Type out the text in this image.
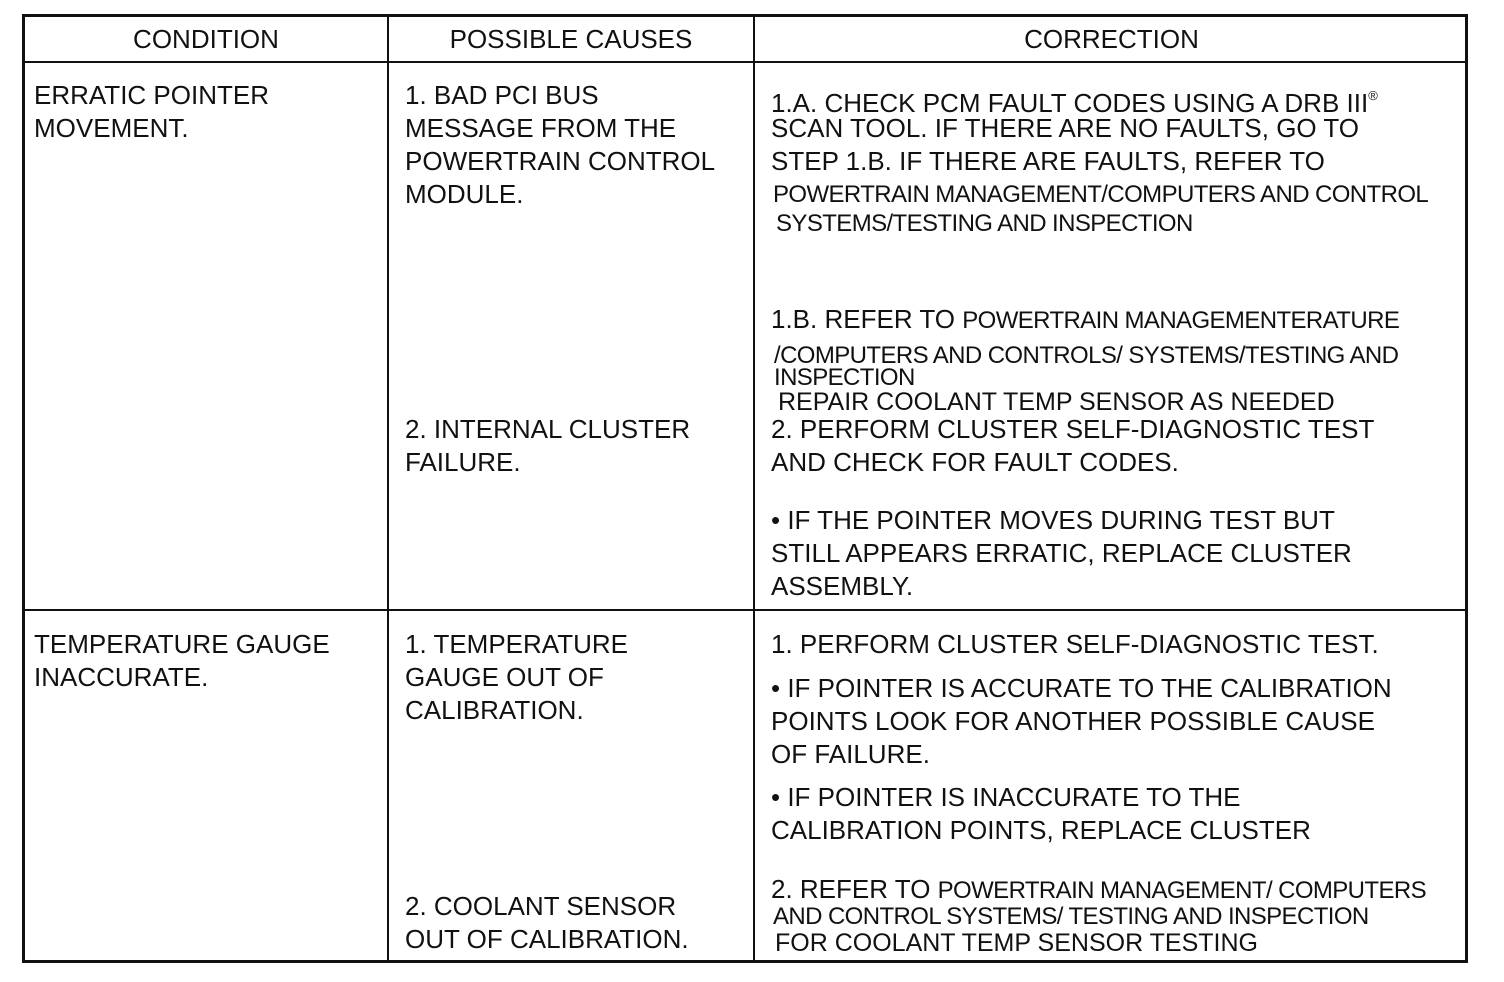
CONDITION	POSSIBLE CAUSES	CORRECTION
ERRATIC POINTER
MOVEMENT.
1. BAD PCI BUS
MESSAGE FROM THE
POWERTRAIN CONTROL
MODULE.
2. INTERNAL CLUSTER
FAILURE.
1.A. CHECK PCM FAULT CODES USING A DRB III®
SCAN TOOL. IF THERE ARE NO FAULTS, GO TO
STEP 1.B. IF THERE ARE FAULTS, REFER TO
POWERTRAIN MANAGEMENT/COMPUTERS AND CONTROL
SYSTEMS/TESTING AND INSPECTION
1.B. REFER TO POWERTRAIN MANAGEMENTERATURE
/COMPUTERS AND CONTROLS/ SYSTEMS/TESTING AND
INSPECTION
REPAIR COOLANT TEMP SENSOR AS NEEDED
2. PERFORM CLUSTER SELF-DIAGNOSTIC TEST
AND CHECK FOR FAULT CODES.
• IF THE POINTER MOVES DURING TEST BUT
STILL APPEARS ERRATIC, REPLACE CLUSTER
ASSEMBLY.
TEMPERATURE GAUGE
INACCURATE.
1. TEMPERATURE
GAUGE OUT OF
CALIBRATION.
2. COOLANT SENSOR
OUT OF CALIBRATION.
1. PERFORM CLUSTER SELF-DIAGNOSTIC TEST.
• IF POINTER IS ACCURATE TO THE CALIBRATION
POINTS LOOK FOR ANOTHER POSSIBLE CAUSE
OF FAILURE.
• IF POINTER IS INACCURATE TO THE
CALIBRATION POINTS, REPLACE CLUSTER
2. REFER TO POWERTRAIN MANAGEMENT/ COMPUTERS
AND CONTROL SYSTEMS/ TESTING AND INSPECTION
FOR COOLANT TEMP SENSOR TESTING
